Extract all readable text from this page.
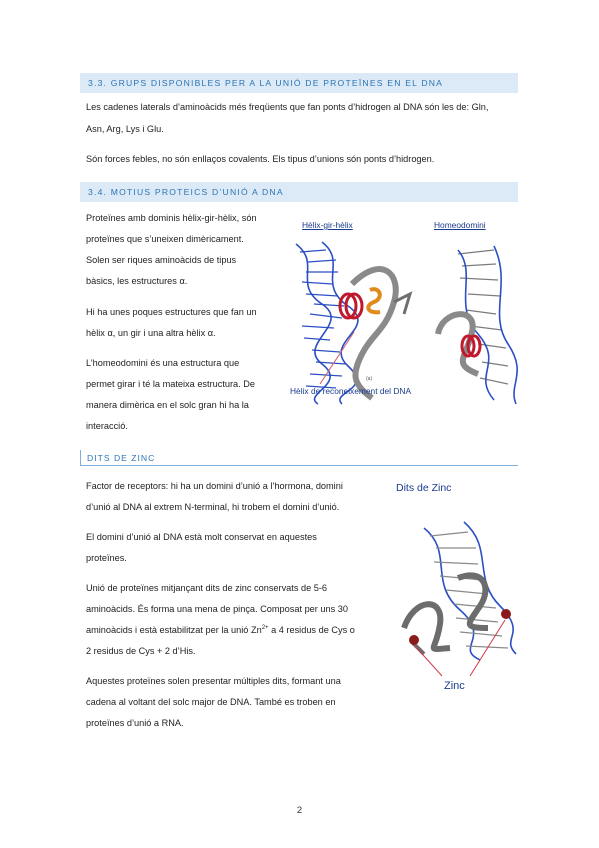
3.3. GRUPS DISPONIBLES PER A LA UNIÓ DE PROTEÏNES EN EL DNA

Les cadenes laterals d’aminoàcids més freqüents que fan ponts d’hidrogen al DNA són les de: Gln,

Asn, Arg, Lys i Glu.

Són forces febles, no són enllaços covalents. Els tipus d’unions són ponts d’hidrogen.

3.4. MOTIUS PROTEICS D’UNIÓ A DNA

Proteïnes amb dominis hèlix-gir-hèlix, són

proteïnes que s’uneixen dimèricament.

Solen ser riques aminoàcids de tipus

bàsics, les estructures α.

Hi ha unes poques estructures que fan un

hèlix α, un gir i una altra hèlix α.

L’homeodomini és una estructura que

permet girar i té la mateixa estructura. De

manera dimèrica en el solc gran hi ha la

interacció.

Hèlix-gir-hèlix	Homeodomini
(a)
Hèlix de reconeixement del DNA
DITS DE ZINC

Factor de receptors: hi ha un domini d’unió a l’hormona, domini

d’unió al DNA al extrem N-terminal, hi trobem el domini d’unió.

El domini d’unió al DNA està molt conservat en aquestes

proteïnes.

Unió de proteïnes mitjançant dits de zinc conservats de 5-6

aminoàcids. És forma una mena de pinça. Composat per uns 30

aminoàcids i està estabilitzat per la unió $Zn^{2+}$ a 4 residus de Cys o

2 residus de Cys + 2 d’His.

Aquestes proteïnes solen presentar múltiples dits, formant una

cadena al voltant del solc major de DNA. També es troben en

proteïnes d’unió a RNA.

Dits de Zinc
Zinc
2
